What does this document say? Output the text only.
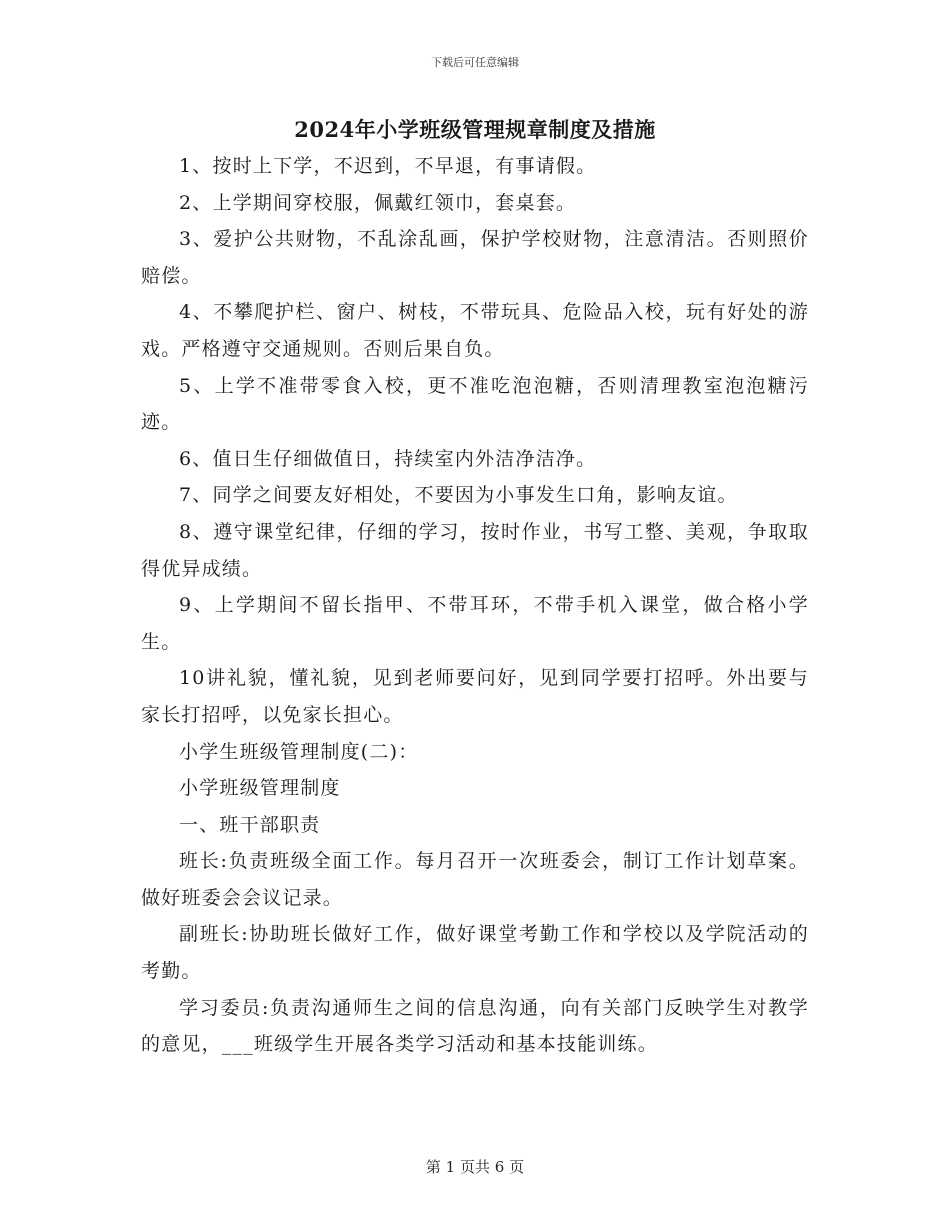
下载后可任意编辑
2024年小学班级管理规章制度及措施

1、按时上下学，不迟到，不早退，有事请假。

2、上学期间穿校服，佩戴红领巾，套桌套。

3、爱护公共财物，不乱涂乱画，保护学校财物，注意清洁。否则照价赔偿。

4、不攀爬护栏、窗户、树枝，不带玩具、危险品入校，玩有好处的游戏。严格遵守交通规则。否则后果自负。

5、上学不准带零食入校，更不准吃泡泡糖，否则清理教室泡泡糖污迹。

6、值日生仔细做值日，持续室内外洁净洁净。

7、同学之间要友好相处，不要因为小事发生口角，影响友谊。

8、遵守课堂纪律，仔细的学习，按时作业，书写工整、美观，争取取得优异成绩。

9、上学期间不留长指甲、不带耳环，不带手机入课堂，做合格小学生。

10讲礼貌，懂礼貌，见到老师要问好，见到同学要打招呼。外出要与家长打招呼，以免家长担心。

小学生班级管理制度(二)：

小学班级管理制度

一、班干部职责

班长:负责班级全面工作。每月召开一次班委会，制订工作计划草案。做好班委会会议记录。

副班长:协助班长做好工作，做好课堂考勤工作和学校以及学院活动的考勤。

学习委员:负责沟通师生之间的信息沟通，向有关部门反映学生对教学的意见，___班级学生开展各类学习活动和基本技能训练。

第 1 页共 6 页
